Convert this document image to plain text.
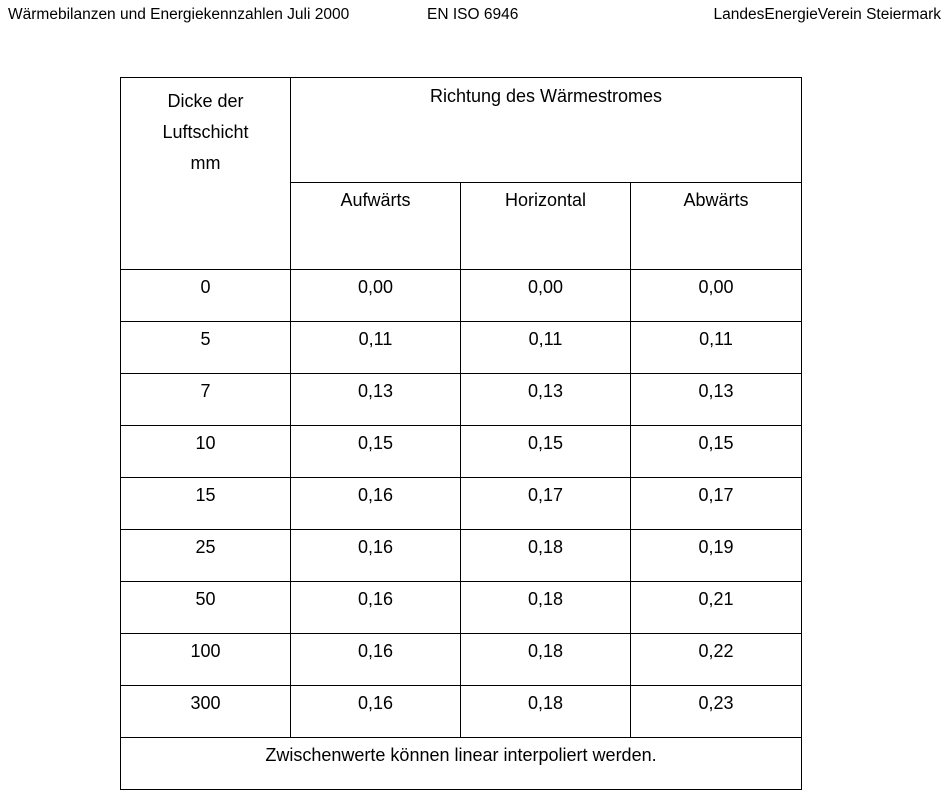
Wärmebilanzen und Energiekennzahlen Juli 2000	EN ISO 6946	LandesEnergieVerein Steiermark
Dicke der
Luftschicht
mm	Richtung des Wärmestromes		
	Aufwärts	Horizontal	Abwärts
0	0,00	0,00	0,00
5	0,11	0,11	0,11
7	0,13	0,13	0,13
10	0,15	0,15	0,15
15	0,16	0,17	0,17
25	0,16	0,18	0,19
50	0,16	0,18	0,21
100	0,16	0,18	0,22
300	0,16	0,18	0,23
Zwischenwerte können linear interpoliert werden.			
